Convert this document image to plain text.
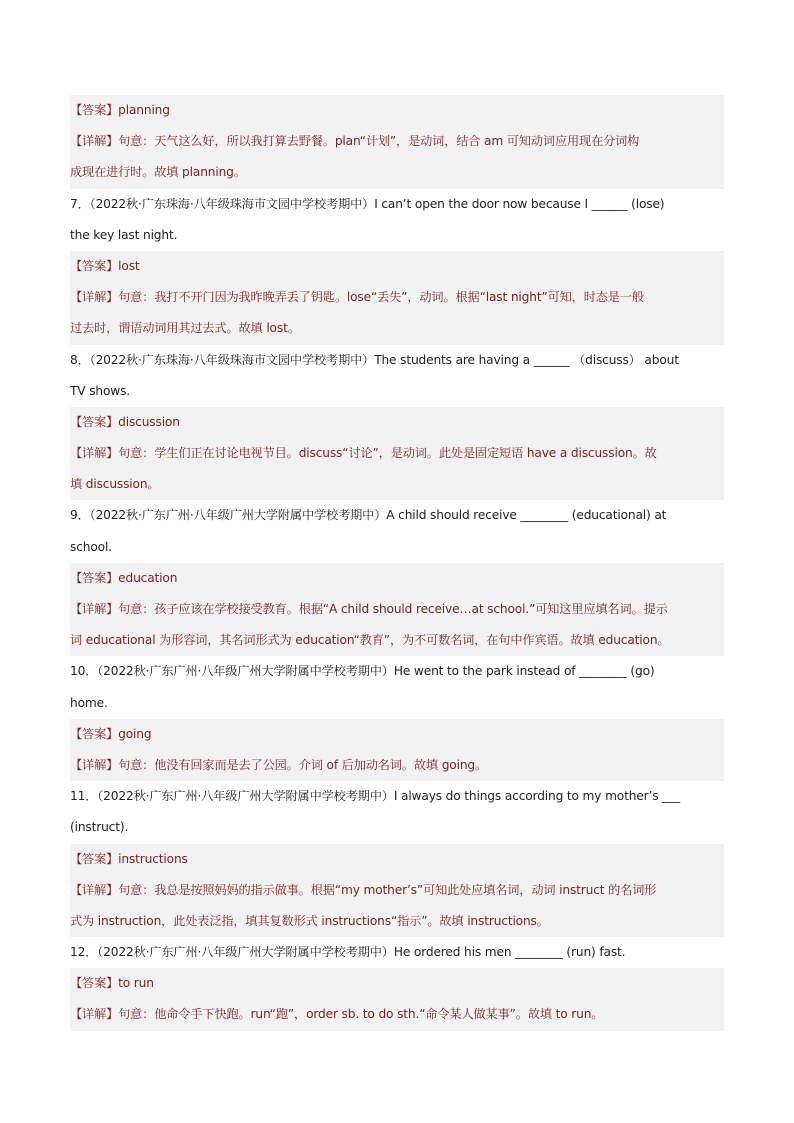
【答案】planning
【详解】句意：天气这么好，所以我打算去野餐。plan“计划”，是动词，结合 am 可知动词应用现在分词构
成现在进行时。故填 planning。
7．（2022秋·广东珠海·八年级珠海市文园中学校考期中）I can’t open the door now because I ______ (lose)
the key last night.
【答案】lost
【详解】句意：我打不开门因为我昨晚弄丢了钥匙。lose“丢失”，动词。根据“last night”可知，时态是一般
过去时，谓语动词用其过去式。故填 lost。
8．（2022秋·广东珠海·八年级珠海市文园中学校考期中）The students are having a ______ （discuss） about
TV shows.
【答案】discussion
【详解】句意：学生们正在讨论电视节目。discuss“讨论”，是动词。此处是固定短语 have a discussion。故
填 discussion。
9．（2022秋·广东广州·八年级广州大学附属中学校考期中）A child should receive ________ (educational) at
school.
【答案】education
【详解】句意：孩子应该在学校接受教育。根据“A child should receive…at school.”可知这里应填名词。提示
词 educational 为形容词，其名词形式为 education“教育”，为不可数名词，在句中作宾语。故填 education。
10．（2022秋·广东广州·八年级广州大学附属中学校考期中）He went to the park instead of ________ (go)
home.
【答案】going
【详解】句意：他没有回家而是去了公园。介词 of 后加动名词。故填 going。
11．（2022秋·广东广州·八年级广州大学附属中学校考期中）I always do things according to my mother’s ___
(instruct).
【答案】instructions
【详解】句意：我总是按照妈妈的指示做事。根据“my mother’s”可知此处应填名词，动词 instruct 的名词形
式为 instruction，此处表泛指，填其复数形式 instructions“指示”。故填 instructions。
12．（2022秋·广东广州·八年级广州大学附属中学校考期中）He ordered his men ________ (run) fast.
【答案】to run
【详解】句意：他命令手下快跑。run“跑”，order sb. to do sth.“命令某人做某事”。故填 to run。
